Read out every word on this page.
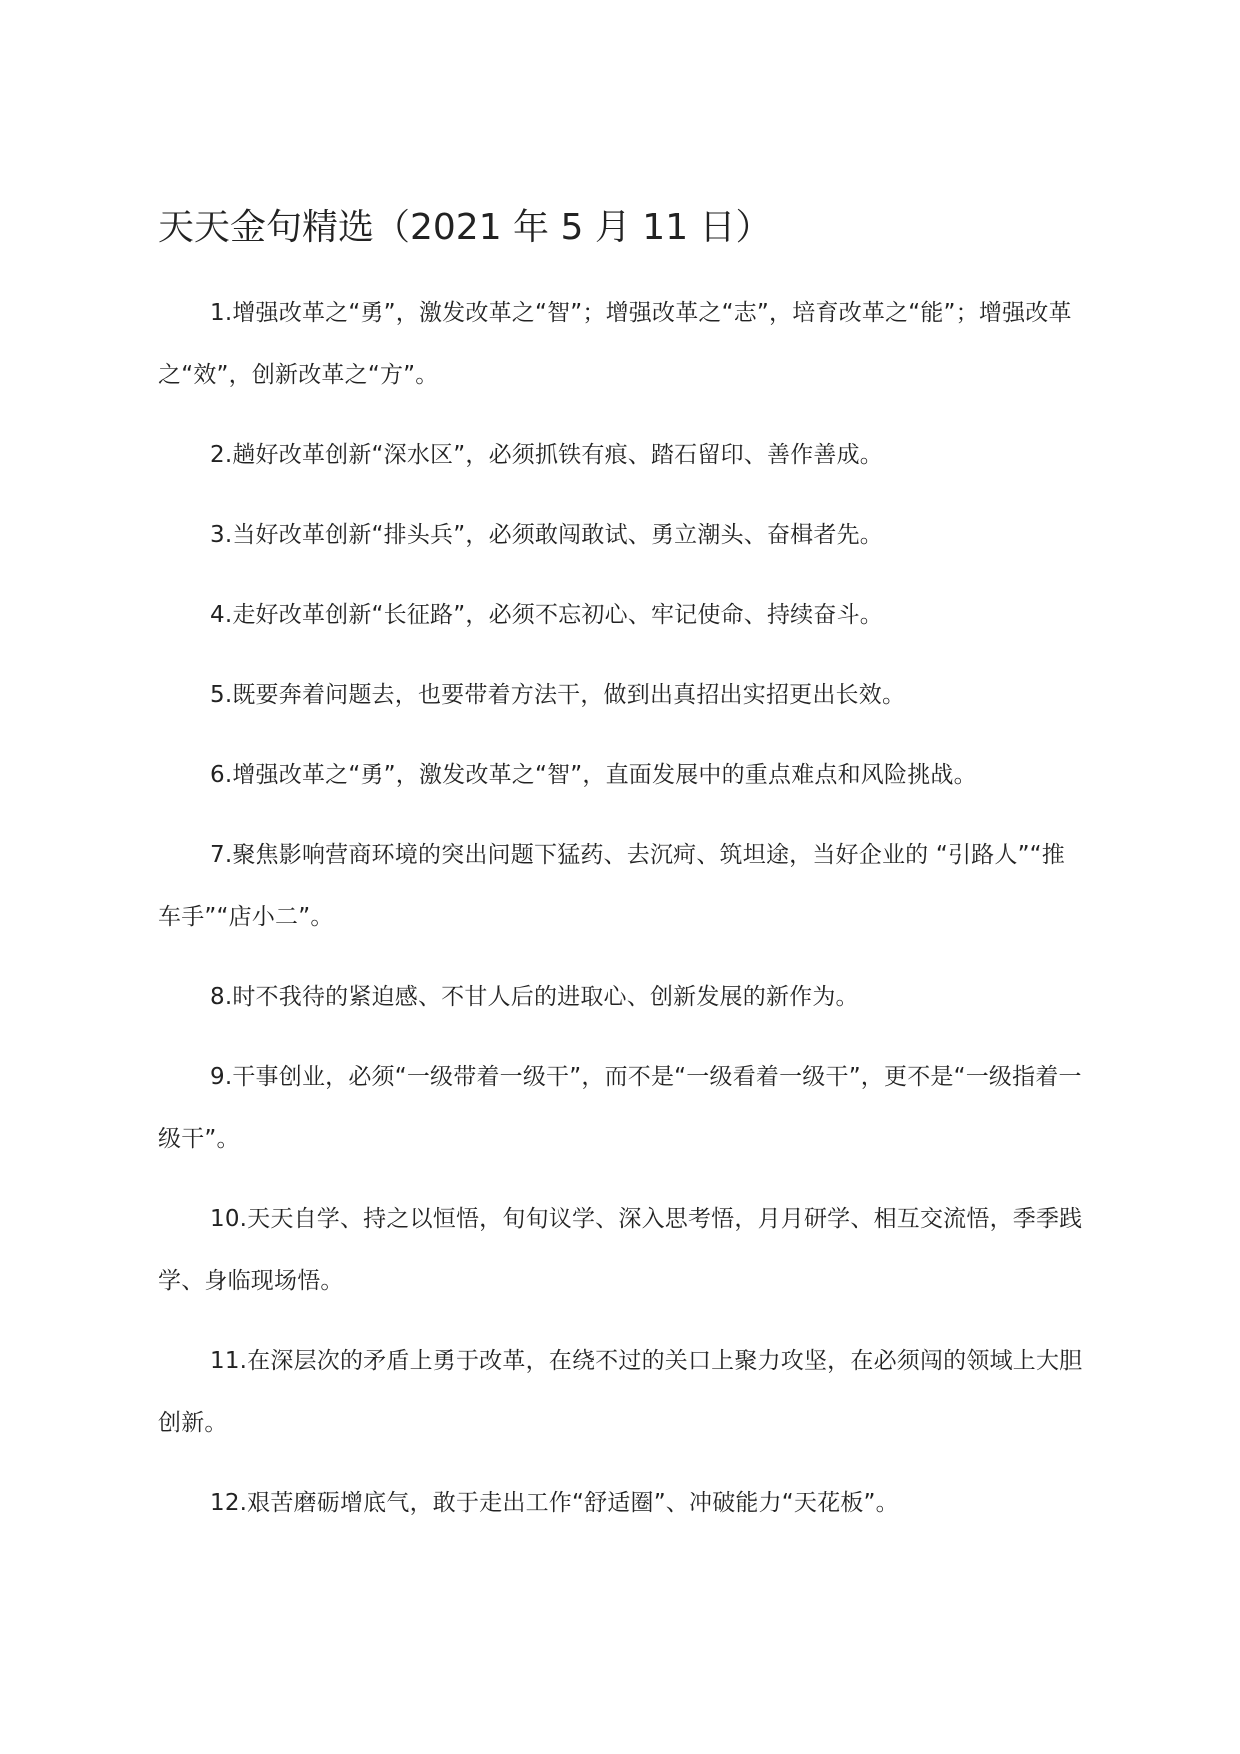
天天金句精选（2021 年 5 月 11 日）

1.增强改革之“勇”，激发改革之“智”；增强改革之“志”，培育改革之“能”；增强改革之“效”，创新改革之“方”。

2.趟好改革创新“深水区”，必须抓铁有痕、踏石留印、善作善成。

3.当好改革创新“排头兵”，必须敢闯敢试、勇立潮头、奋楫者先。

4.走好改革创新“长征路”，必须不忘初心、牢记使命、持续奋斗。

5.既要奔着问题去，也要带着方法干，做到出真招出实招更出长效。

6.增强改革之“勇”，激发改革之“智”，直面发展中的重点难点和风险挑战。

7.聚焦影响营商环境的突出问题下猛药、去沉疴、筑坦途，当好企业的 “引路人”“推车手”“店小二”。

8.时不我待的紧迫感、不甘人后的进取心、创新发展的新作为。

9.干事创业，必须“一级带着一级干”，而不是“一级看着一级干”，更不是“一级指着一级干”。

10.天天自学、持之以恒悟，旬旬议学、深入思考悟，月月研学、相互交流悟，季季践学、身临现场悟。

11.在深层次的矛盾上勇于改革，在绕不过的关口上聚力攻坚，在必须闯的领域上大胆创新。

12.艰苦磨砺增底气，敢于走出工作“舒适圈”、冲破能力“天花板”。
